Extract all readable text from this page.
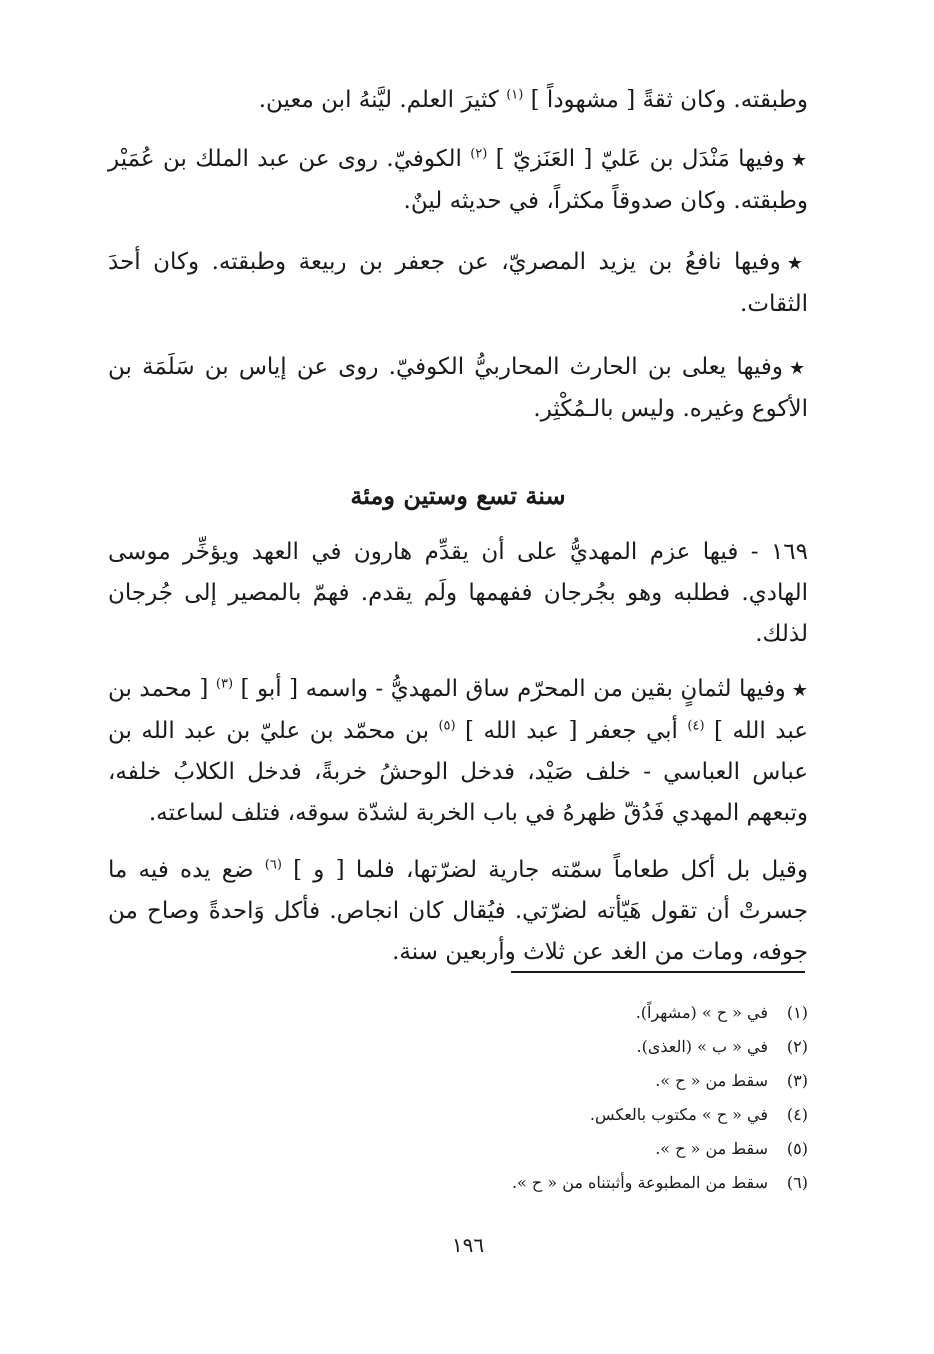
وطبقته. وكان ثقةً [ مشهوداً ] $^{(١)}$ كثيرَ العلم. ليَّنهُ ابن معين.

★وفيها مَنْدَل بن عَليّ [ العَنَزيّ ] $^{(٢)}$ الكوفيّ. روى عن عبد الملك بن عُمَيْر وطبقته. وكان صدوقاً مكثراً، في حديثه لينٌ.

★وفيها نافعُ بن يزيد المصريّ، عن جعفر بن ربيعة وطبقته. وكان أحدَ الثقات.

★وفيها يعلى بن الحارث المحاربيُّ الكوفيّ. روى عن إياس بن سَلَمَة بن الأكوع وغيره. وليس بالـمُكْثِر.

سنة تسع وستين ومئة

١٦٩ - فيها عزم المهديُّ على أن يقدِّم هارون في العهد ويؤخِّر موسى الهادي. فطلبه وهو بجُرجان ففهمها ولَم يقدم. فهمّ بالمصير إلى جُرجان لذلك.

★وفيها لثمانٍ بقين من المحرّم ساق المهديُّ - واسمه [ أبو ] $^{(٣)}$ [ محمد بن عبد الله ] $^{(٤)}$ أبي جعفر [ عبد الله ] $^{(٥)}$ بن محمّد بن عليّ بن عبد الله بن عباس العباسي - خلف صَيْد، فدخل الوحشُ خربةً، فدخل الكلابُ خلفه، وتبعهم المهدي فَدُقّ ظهرهُ في باب الخربة لشدّة سوقه، فتلف لساعته.

وقيل بل أكل طعاماً سمّته جارية لضرّتها، فلما [ و ] $^{(٦)}$ ضع يده فيه ما جسرتْ أن تقول هَيّأته لضرّتي. فيُقال كان انجاص. فأكل وَاحدةً وصاح من جوفه، ومات من الغد عن ثلاث وأربعين سنة.

(١)في « ح » (مشهراً).
(٢)في « ب » (العذى).
(٣)سقط من « ح ».
(٤)في « ح » مكتوب بالعكس.
(٥)سقط من « ح ».
(٦)سقط من المطبوعة وأثبتناه من « ح ».
١٩٦
